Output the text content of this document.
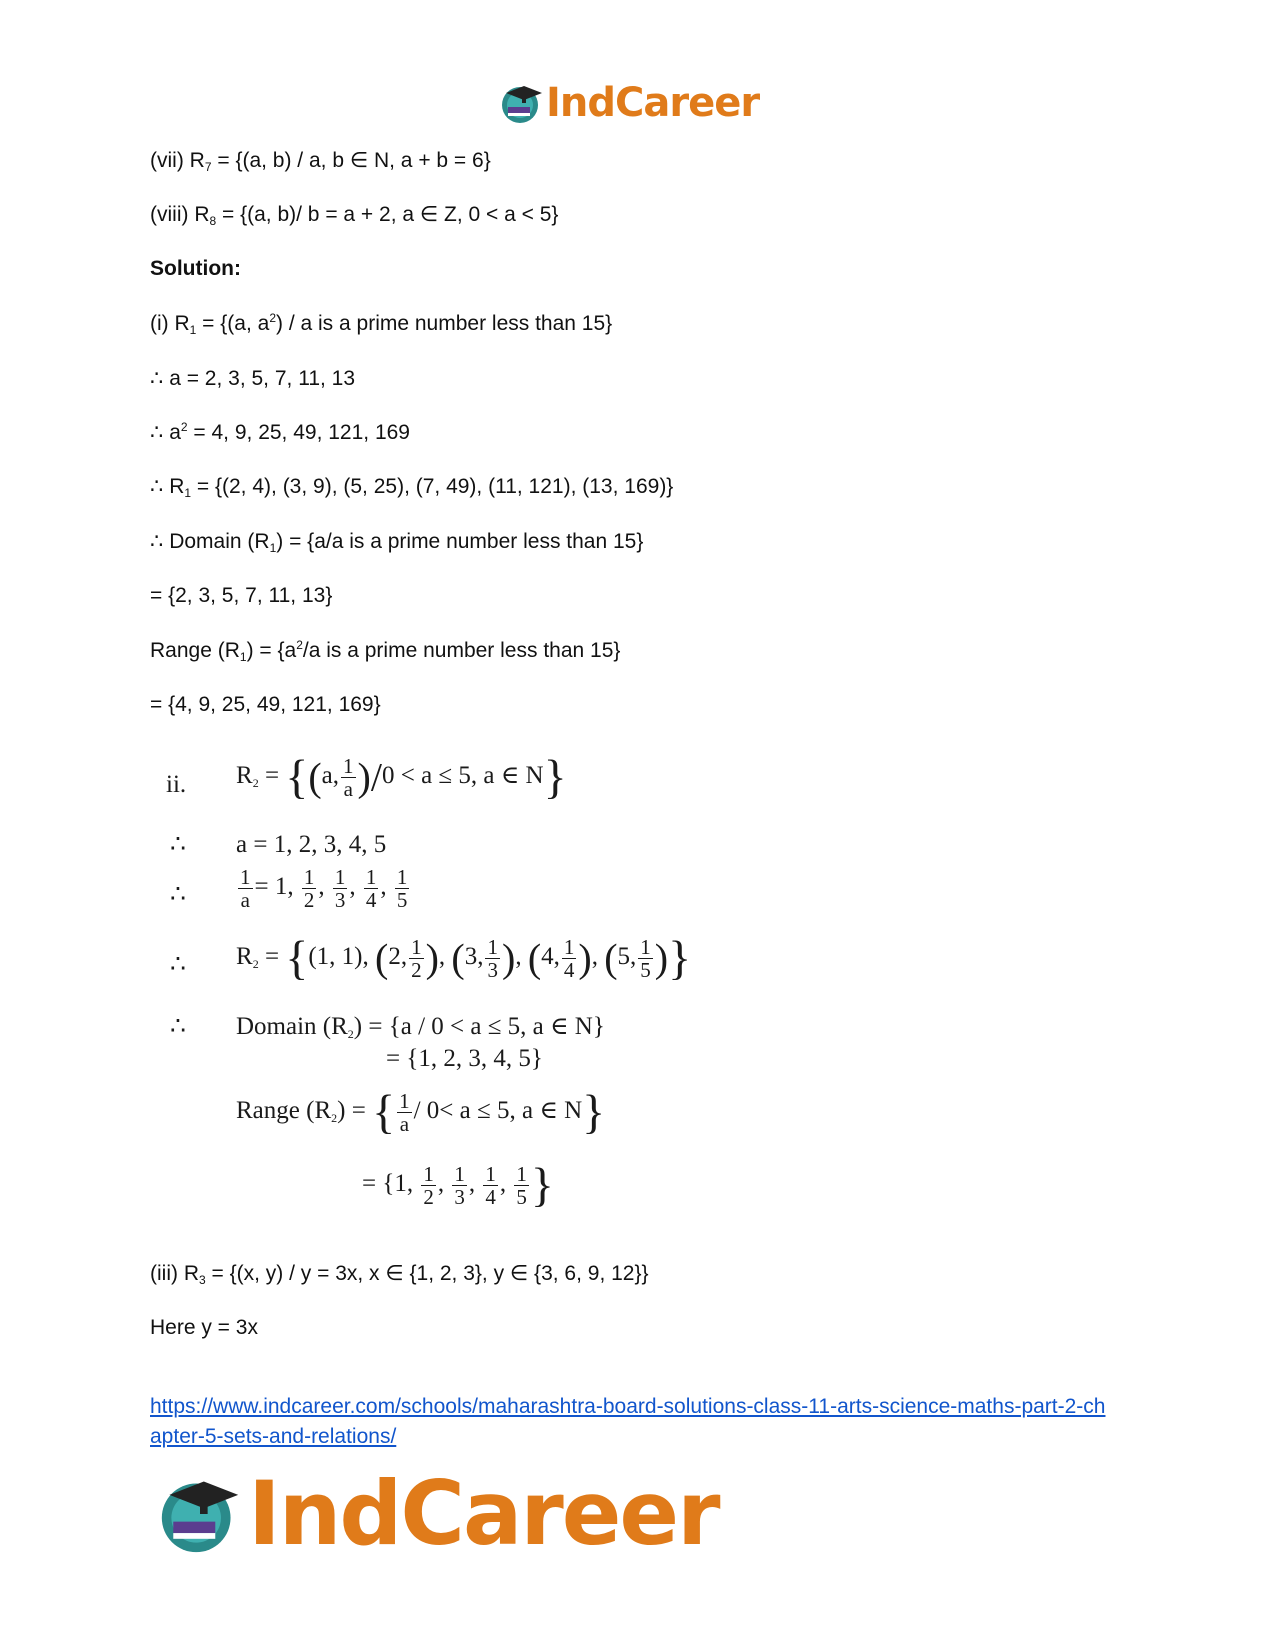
IndCareer
(vii) $R_7 = \{(a$, b) / a, b ∈ N, a + b = 6}
(viii) $R_8 = \{(a$, b)/ b = a + 2, a ∈ Z, 0 < a < 5}
Solution:
(i) $R_1 = \{(a$, $a^2$) / a is a prime number less than 15}
∴ a = 2, 3, 5, 7, 11, 13
∴ $a^2 = 4$, 9, 25, 49, 121, 169
∴ $R_1 = \{(2$, 4), (3, 9), (5, 25), (7, 49), (11, 121), (13, 169)}
∴ Domain $(R_1) = \{a/a$ is a prime number less than 15}
= {2, 3, 5, 7, 11, 13}
Range $(R_1) = \{a^2/a$ is a prime number less than 15}
= {4, 9, 25, 49, 121, 169}
ii. $R_2 = \{(a$, $\frac{1}{a} )/0 < a \le 5$, a ∈ N}
∴ a = 1, 2, 3, 4, 5
∴ $\frac{1}{a} = 1$, $\frac{1}{2}$ , $\frac{1}{3}$ , $\frac{1}{4}$ , $\frac{1}{5}$
∴ $R_2 = \{(1$, 1), (2, $\frac{1}{2}$ ), (3, $\frac{1}{3}$ ), (4, $\frac{1}{4}$ ), (5, $\frac{1}{5}$ )}
∴ Domain $(R_2) = \{a / 0 < a \le 5$, a ∈ N}
= {1, 2, 3, 4, 5}
Range $(R_2)$ = { $\frac{1}{a} / 0< a \le 5$, a ∈ N}
= {1, $\frac{1}{2}$ , $\frac{1}{3}$ , $\frac{1}{4}$ , $\frac{1}{5}$ }
(iii) $R_3 = \{(x$, y) / y = 3x, x ∈ {1, 2, 3}, y ∈ {3, 6, 9, 12}}
Here y = 3x
https://www.indcareer.com/schools/maharashtra-board-solutions-class-11-arts-science-maths-part-2-chapter-5-sets-and-relations/
IndCareer
